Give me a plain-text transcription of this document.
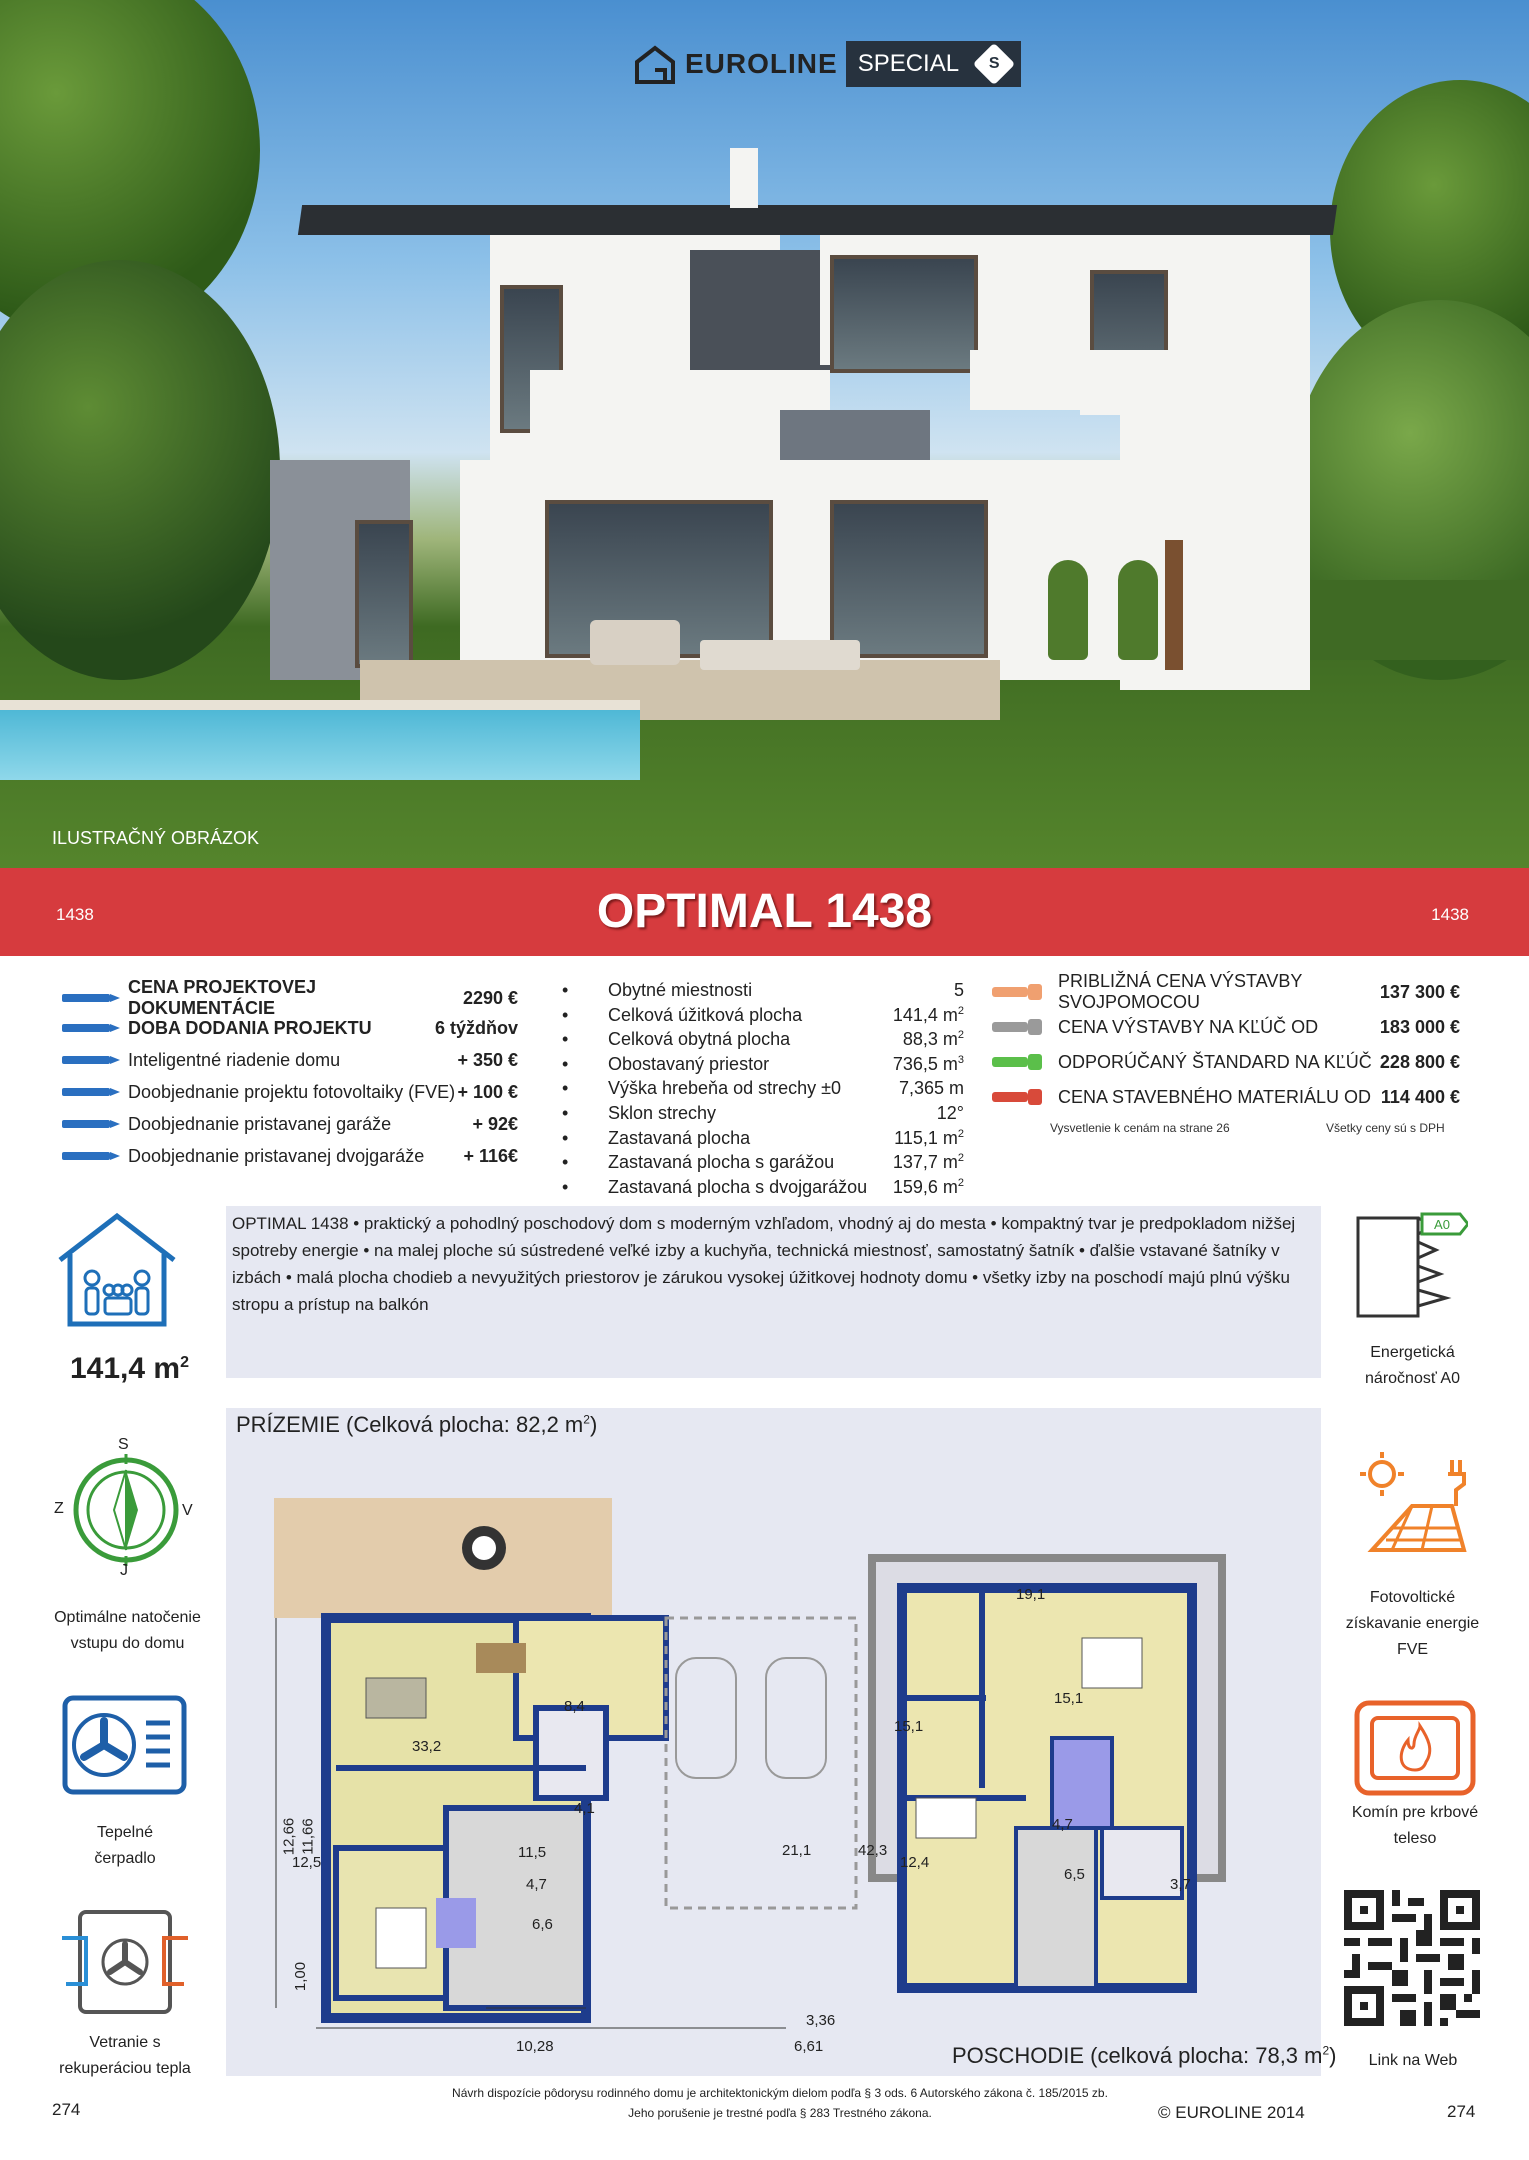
EUROLINE SPECIAL S
ILUSTRAČNÝ OBRÁZOK
OPTIMAL 1438
1438	1438
CENA PROJEKTOVEJ DOKUMENTÁCIE
2290 €
DOBA DODANIA PROJEKTU	6 týždňov
Inteligentné riadenie domu	+ 350 €
Doobjednanie projektu fotovoltaiky (FVE) + 100 €
Doobjednanie pristavanej garáže	+ 92€
Doobjednanie pristavanej dvojgaráže	+ 116€
•	Obytné miestnosti	5
•	Celková úžitková plocha	141,4 $m^2$
•	Celková obytná plocha	88,3 $m^2$
•	Obostavaný priestor	736,5 $m^3$
•	Výška hrebeňa od strechy ±0	7,365 m
•	Sklon strechy	12°
•	Zastavaná plocha	115,1 $m^2$
•	Zastavaná plocha s garážou	137,7 $m^2$
•	Zastavaná plocha s dvojgarážou	159,6 $m^2$
PRIBLIŽNÁ CENA VÝSTAVBY SVOJPOMOCOU
137 300 €
CENA VÝSTAVBY NA KĽÚČ OD	183 000 €
ODPORÚČANÝ ŠTANDARD NA KĽÚČ 228 800 €
CENA STAVEBNÉHO MATERIÁLU OD 114 400 €
Vysvetlenie k cenám na strane 26	Všetky ceny sú s DPH
OPTIMAL 1438 • praktický a pohodlný poschodový dom s moderným vzhľadom, vhodný aj do mesta • kompaktný tvar je predpokladom nižšej spotreby energie • na malej ploche sú sústredené veľké izby a kuchyňa, technická miestnosť, samostatný šatník • ďalšie vstavané šatníky v izbách • malá plocha chodieb a nevyužitých priestorov je zárukou vysokej úžitkovej hodnoty domu • všetky izby na poschodí majú plnú výšku stropu a prístup na balkón
141,4 $m^2$
S
J
Z	V
Optimálne natočenie
vstupu do domu
Tepelné
čerpadlo
Vetranie s
rekuperáciou tepla
A0
Energetická
náročnosť A0
Fotovoltické
získavanie energie
FVE
Komín pre krbové
teleso
Link na Web
33,2
8,4
4,1
11,5
12,5
4,7
6,6
21,1	42,3
19,1
15,1
15,1
4,7
6,5
12,4
3,7
12,66 11,66
1,00
3,36
10,28	6,61
PRÍZEMIE (Celková plocha: 82,2 $m^2$)
POSCHODIE (celková plocha: 78,3 $m^2$)
Návrh dispozície pôdorysu rodinného domu je architektonickým dielom podľa § 3 ods. 6 Autorského zákona č. 185/2015 zb.
Jeho porušenie je trestné podľa § 283 Trestného zákona.	© EUROLINE 2014
274	274
